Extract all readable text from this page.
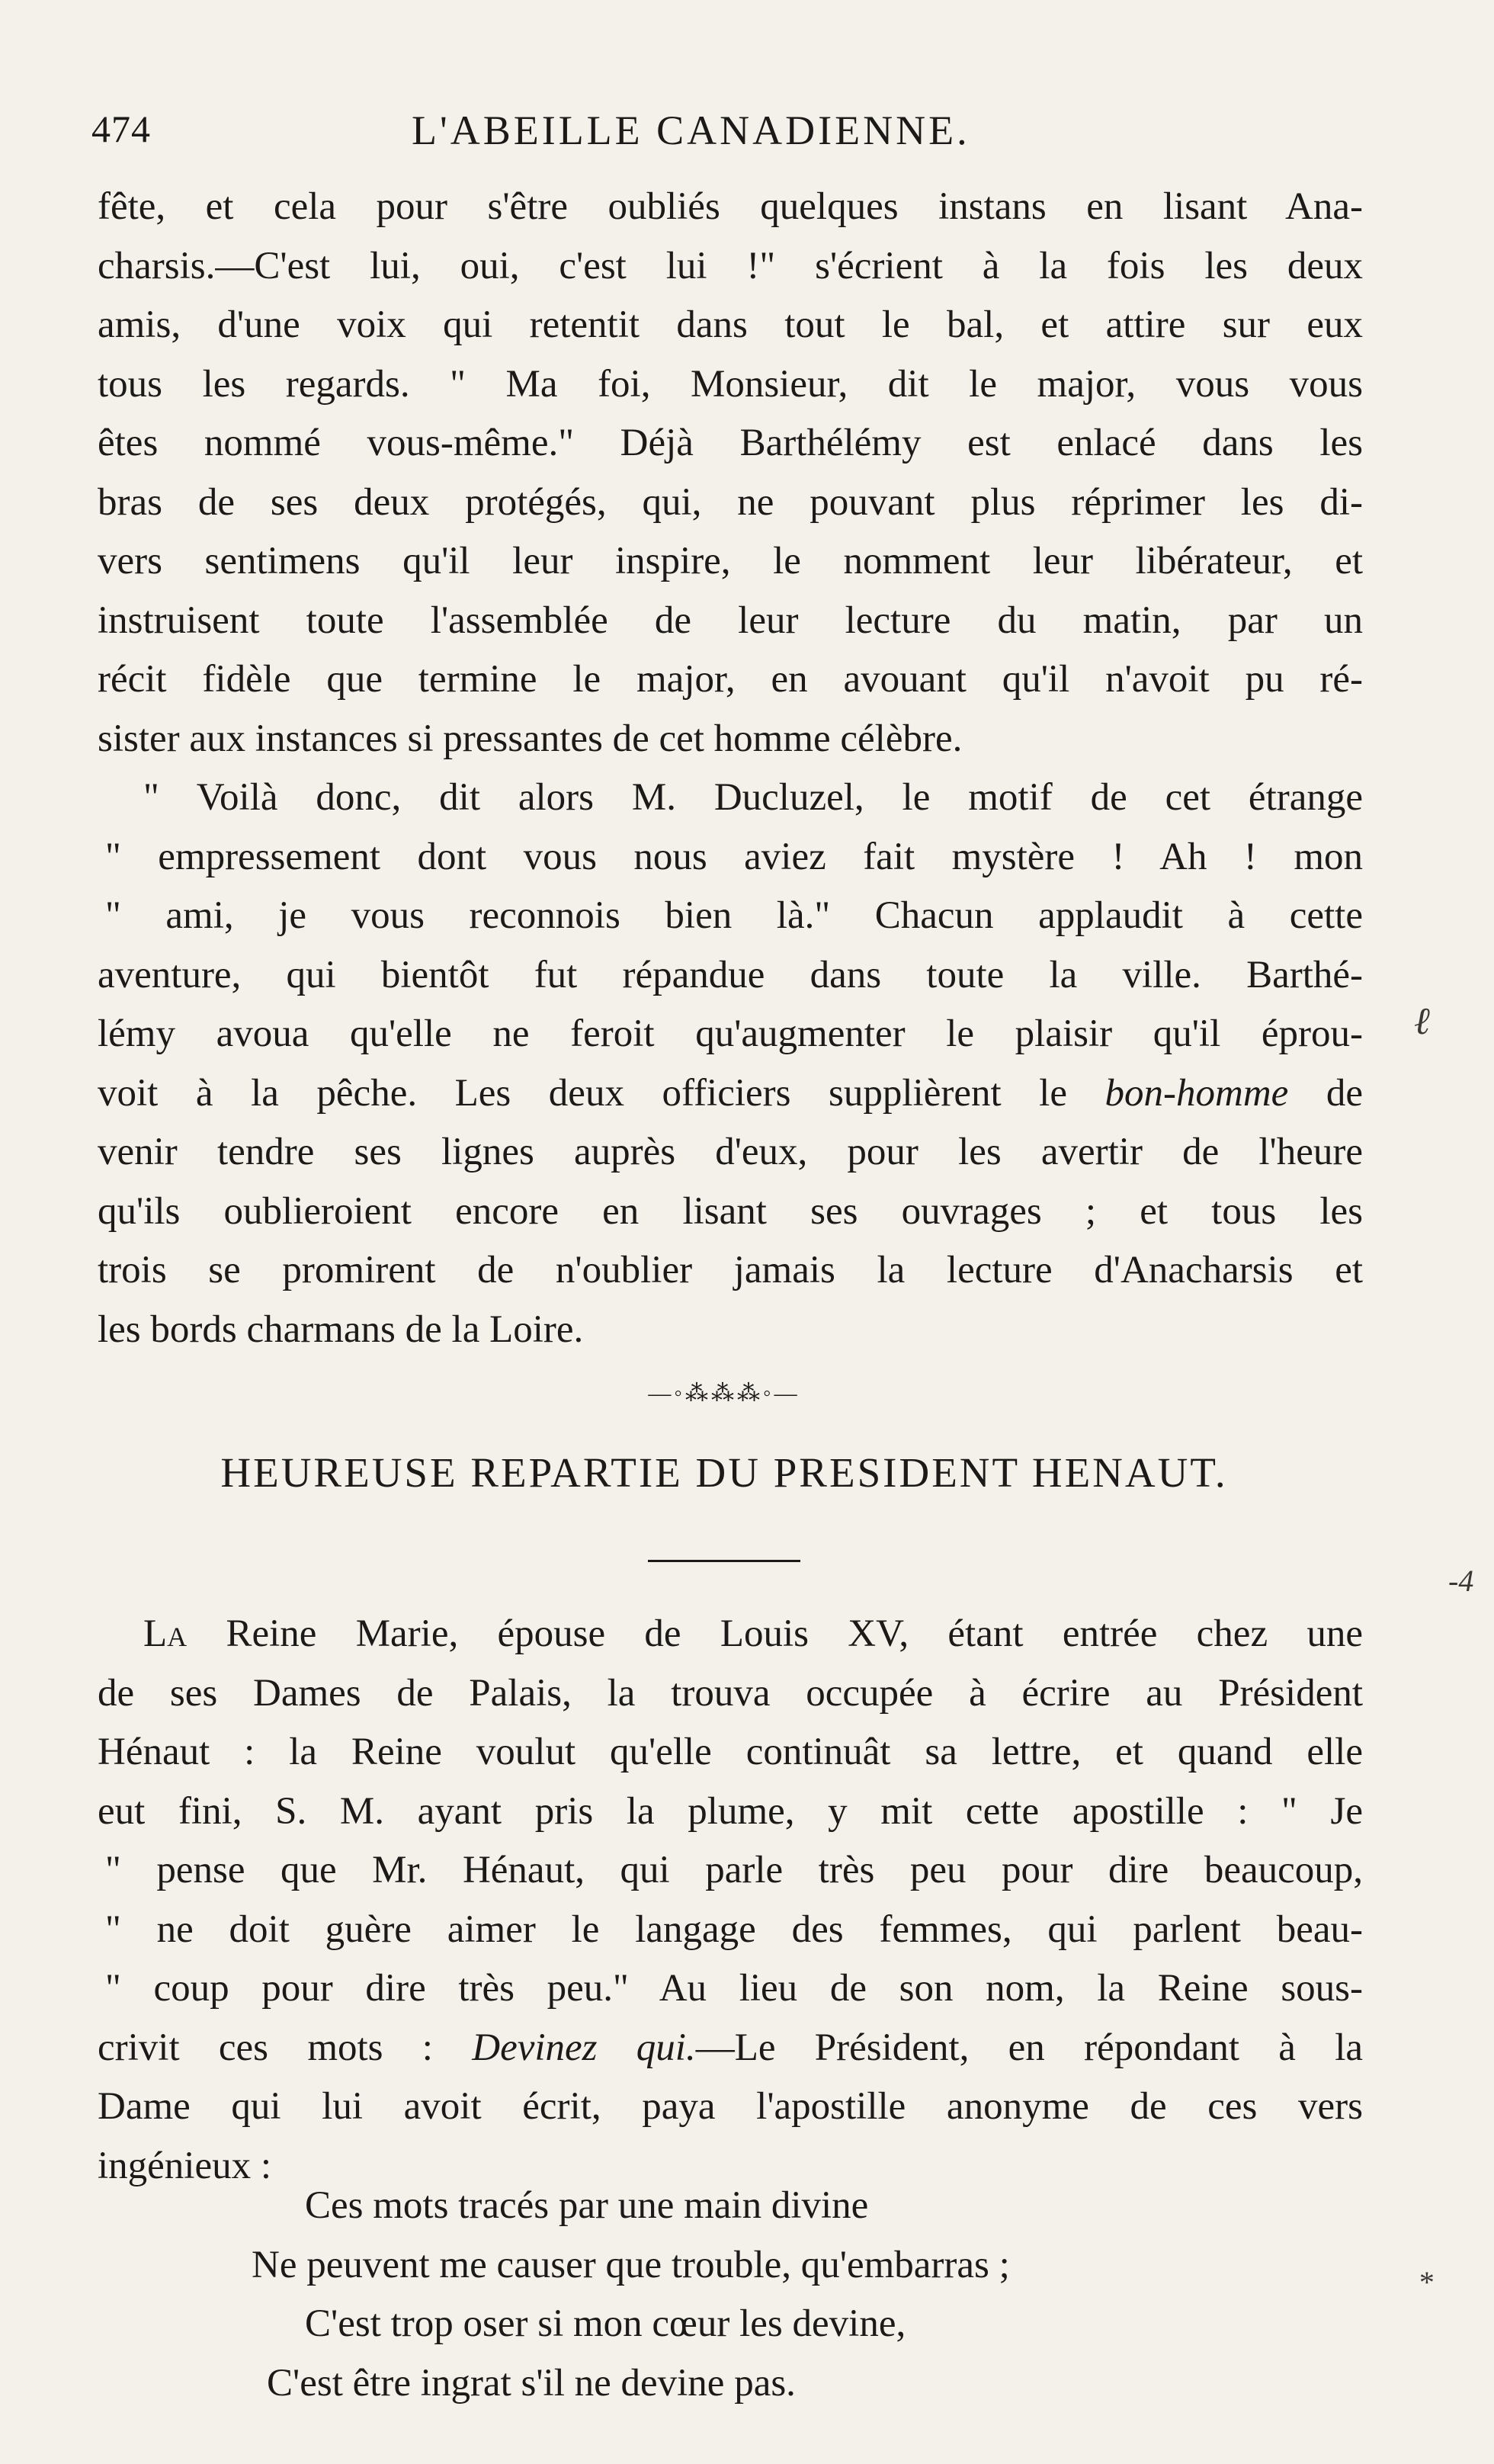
474	L'ABEILLE CANADIENNE.
fête, et cela pour s'être oubliés quelques instans en lisant Ana-
charsis.—C'est lui, oui, c'est lui !" s'écrient à la fois les deux
amis, d'une voix qui retentit dans tout le bal, et attire sur eux
tous les regards. " Ma foi, Monsieur, dit le major, vous vous
êtes nommé vous-même." Déjà Barthélémy est enlacé dans les
bras de ses deux protégés, qui, ne pouvant plus réprimer les di-
vers sentimens qu'il leur inspire, le nomment leur libérateur, et
instruisent toute l'assemblée de leur lecture du matin, par un
récit fidèle que termine le major, en avouant qu'il n'avoit pu ré-
sister aux instances si pressantes de cet homme célèbre.
" Voilà donc, dit alors M. Ducluzel, le motif de cet étrange
" empressement dont vous nous aviez fait mystère ! Ah ! mon
" ami, je vous reconnois bien là." Chacun applaudit à cette
aventure, qui bientôt fut répandue dans toute la ville. Barthé-
lémy avoua qu'elle ne feroit qu'augmenter le plaisir qu'il éprou-
voit à la pêche. Les deux officiers supplièrent le bon-homme de
venir tendre ses lignes auprès d'eux, pour les avertir de l'heure
qu'ils oublieroient encore en lisant ses ouvrages ; et tous les
trois se promirent de n'oublier jamais la lecture d'Anacharsis et
les bords charmans de la Loire.
—◦⁂⁂⁂◦—
HEUREUSE REPARTIE DU PRESIDENT HENAUT.
La Reine Marie, épouse de Louis XV, étant entrée chez une
de ses Dames de Palais, la trouva occupée à écrire au Président
Hénaut : la Reine voulut qu'elle continuât sa lettre, et quand elle
eut fini, S. M. ayant pris la plume, y mit cette apostille : " Je
" pense que Mr. Hénaut, qui parle très peu pour dire beaucoup,
" ne doit guère aimer le langage des femmes, qui parlent beau-
" coup pour dire très peu." Au lieu de son nom, la Reine sous-
crivit ces mots : Devinez qui.—Le Président, en répondant à la
Dame qui lui avoit écrit, paya l'apostille anonyme de ces vers
ingénieux :
Ces mots tracés par une main divine
Ne peuvent me causer que trouble, qu'embarras ;
C'est trop oser si mon cœur les devine,
C'est être ingrat s'il ne devine pas.
ℓ
-4
*
